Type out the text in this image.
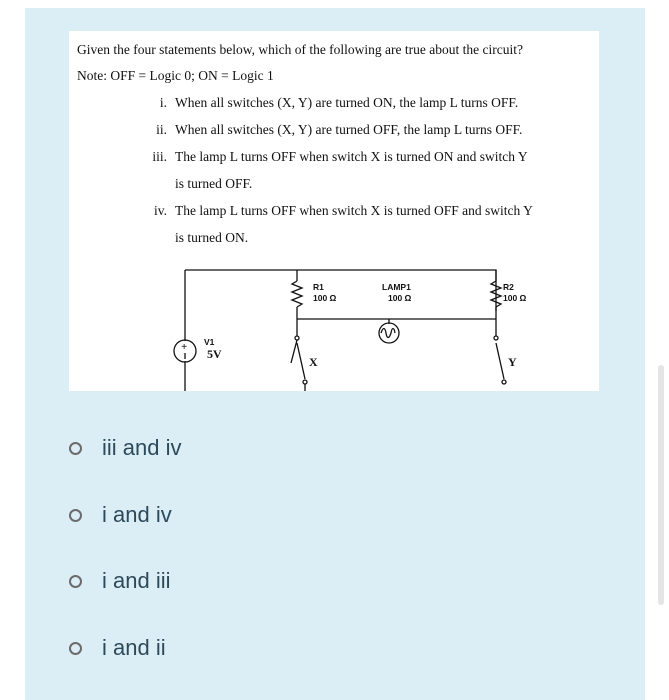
Given the four statements below, which of the following are true about the circuit?
Note: OFF = Logic 0; ON = Logic 1
i. When all switches (X, Y) are turned ON, the lamp L turns OFF.
ii. When all switches (X, Y) are turned OFF, the lamp L turns OFF.
iii. The lamp L turns OFF when switch X is turned ON and switch Y
is turned OFF.
iv. The lamp L turns OFF when switch X is turned OFF and switch Y
is turned ON.
R1
100 Ω
LAMP1
100 Ω
R2
100 Ω
V1
+ 5V
X	Y
iii and iv
i and iv
i and iii
i and ii
